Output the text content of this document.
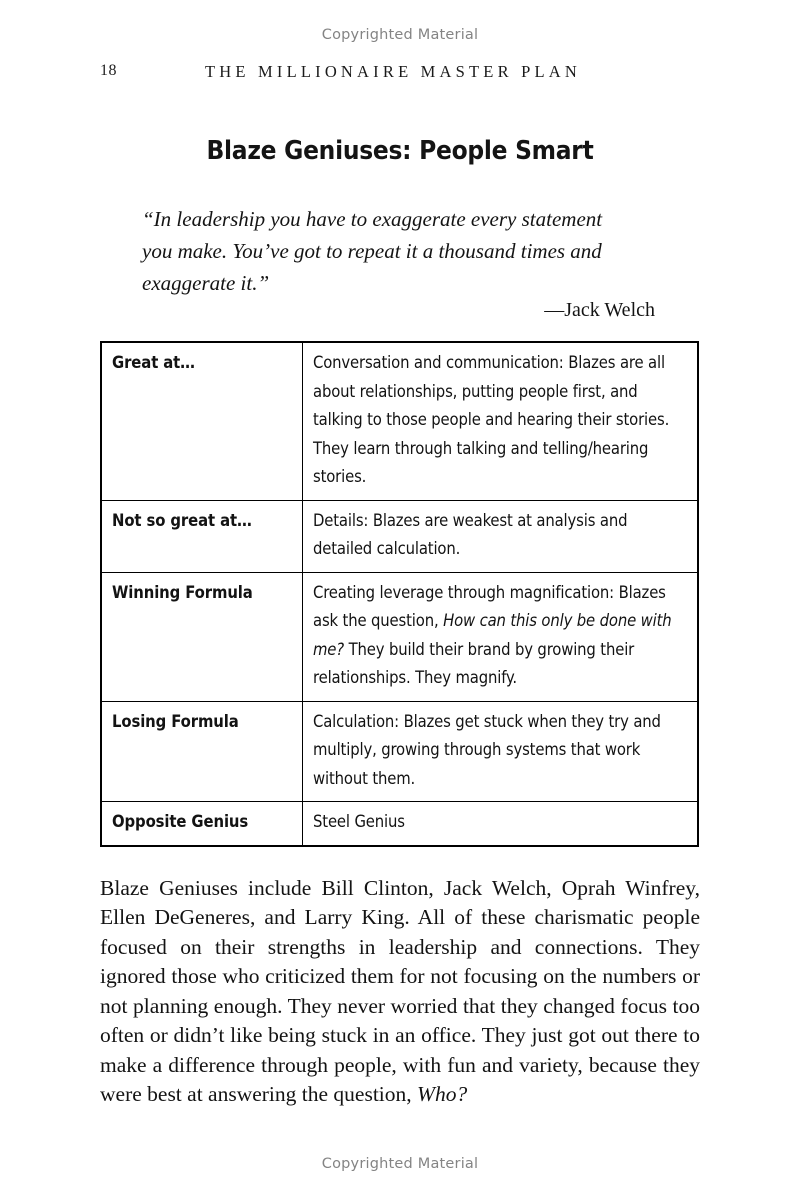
Copyrighted Material
18	THE MILLIONAIRE MASTER PLAN
Blaze Geniuses: People Smart
“In leadership you have to exaggerate every statement you make. You’ve got to repeat it a thousand times and exaggerate it.”
—Jack Welch
Great at…	Conversation and communication: Blazes are all about relationships, putting people first, and talking to those people and hearing their stories. They learn through talking and telling/hearing stories.
Not so great at…	Details: Blazes are weakest at analysis and detailed calculation.
Winning Formula	Creating leverage through magnification: Blazes ask the question, How can this only be done with me? They build their brand by growing their relationships. They magnify.
Losing Formula	Calculation: Blazes get stuck when they try and multiply, growing through systems that work without them.
Opposite Genius	Steel Genius

Blaze Geniuses include Bill Clinton, Jack Welch, Oprah Winfrey, Ellen DeGeneres, and Larry King. All of these charismatic people focused on their strengths in leadership and connections. They ignored those who criticized them for not focusing on the numbers or not planning enough. They never worried that they changed focus too often or didn’t like being stuck in an office. They just got out there to make a difference through people, with fun and variety, because they were best at answering the question, Who?

Copyrighted Material
